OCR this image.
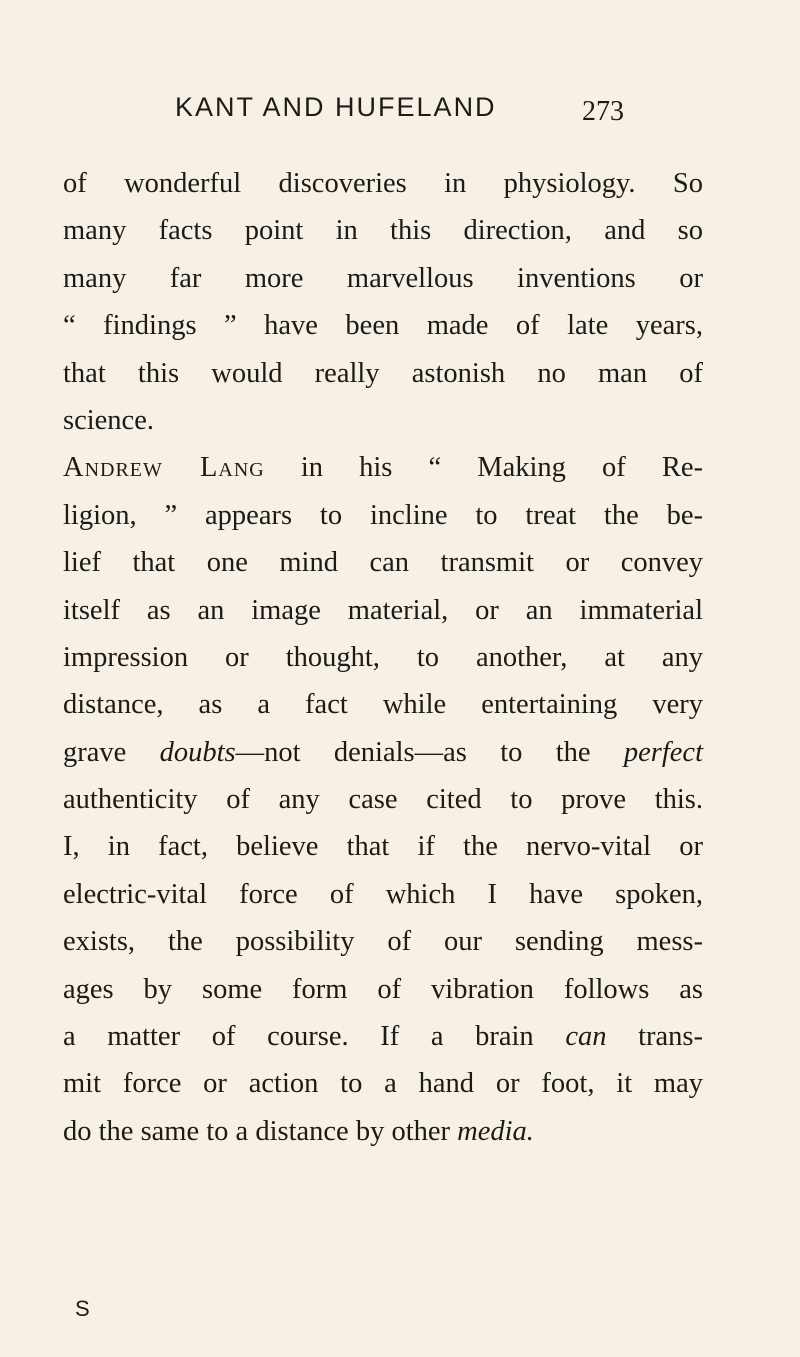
KANT AND HUFELAND	273
of wonderful discoveries in physiology. So
many facts point in this direction, and so
many far more marvellous inventions or
“ findings ” have been made of late years,
that this would really astonish no man of
science.
Andrew Lang in his “ Making of Re-
ligion, ” appears to incline to treat the be-
lief that one mind can transmit or convey
itself as an image material, or an immaterial
impression or thought, to another, at any
distance, as a fact while entertaining very
grave doubts—not denials—as to the perfect
authenticity of any case cited to prove this.
I, in fact, believe that if the nervo-vital or
electric-vital force of which I have spoken,
exists, the possibility of our sending mess-
ages by some form of vibration follows as
a matter of course. If a brain can trans-
mit force or action to a hand or foot, it may
do the same to a distance by other media.
S
